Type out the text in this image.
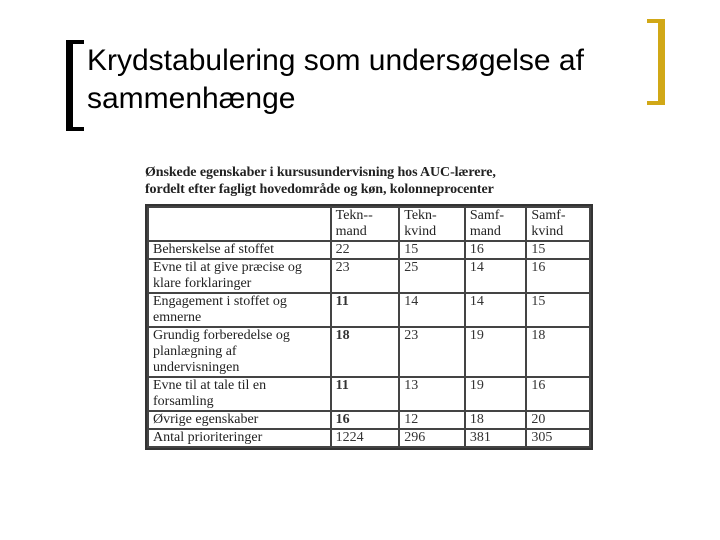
Krydstabulering som undersøgelse af sammenhænge
Ønskede egenskaber i kursusundervisning hos AUC-lærere,
fordelt efter fagligt hovedområde og køn, kolonneprocenter
	Tekn-- mand	Tekn- kvind	Samf- mand	Samf- kvind
Beherskelse af stoffet	22	15	16	15
Evne til at give præcise og klare forklaringer	23	25	14	16
Engagement i stoffet og emnerne	11	14	14	15
Grundig forberedelse og planlægning af undervisningen	18	23	19	18
Evne til at tale til en forsamling	11	13	19	16
Øvrige egenskaber	16	12	18	20
Antal prioriteringer	1224	296	381	305
